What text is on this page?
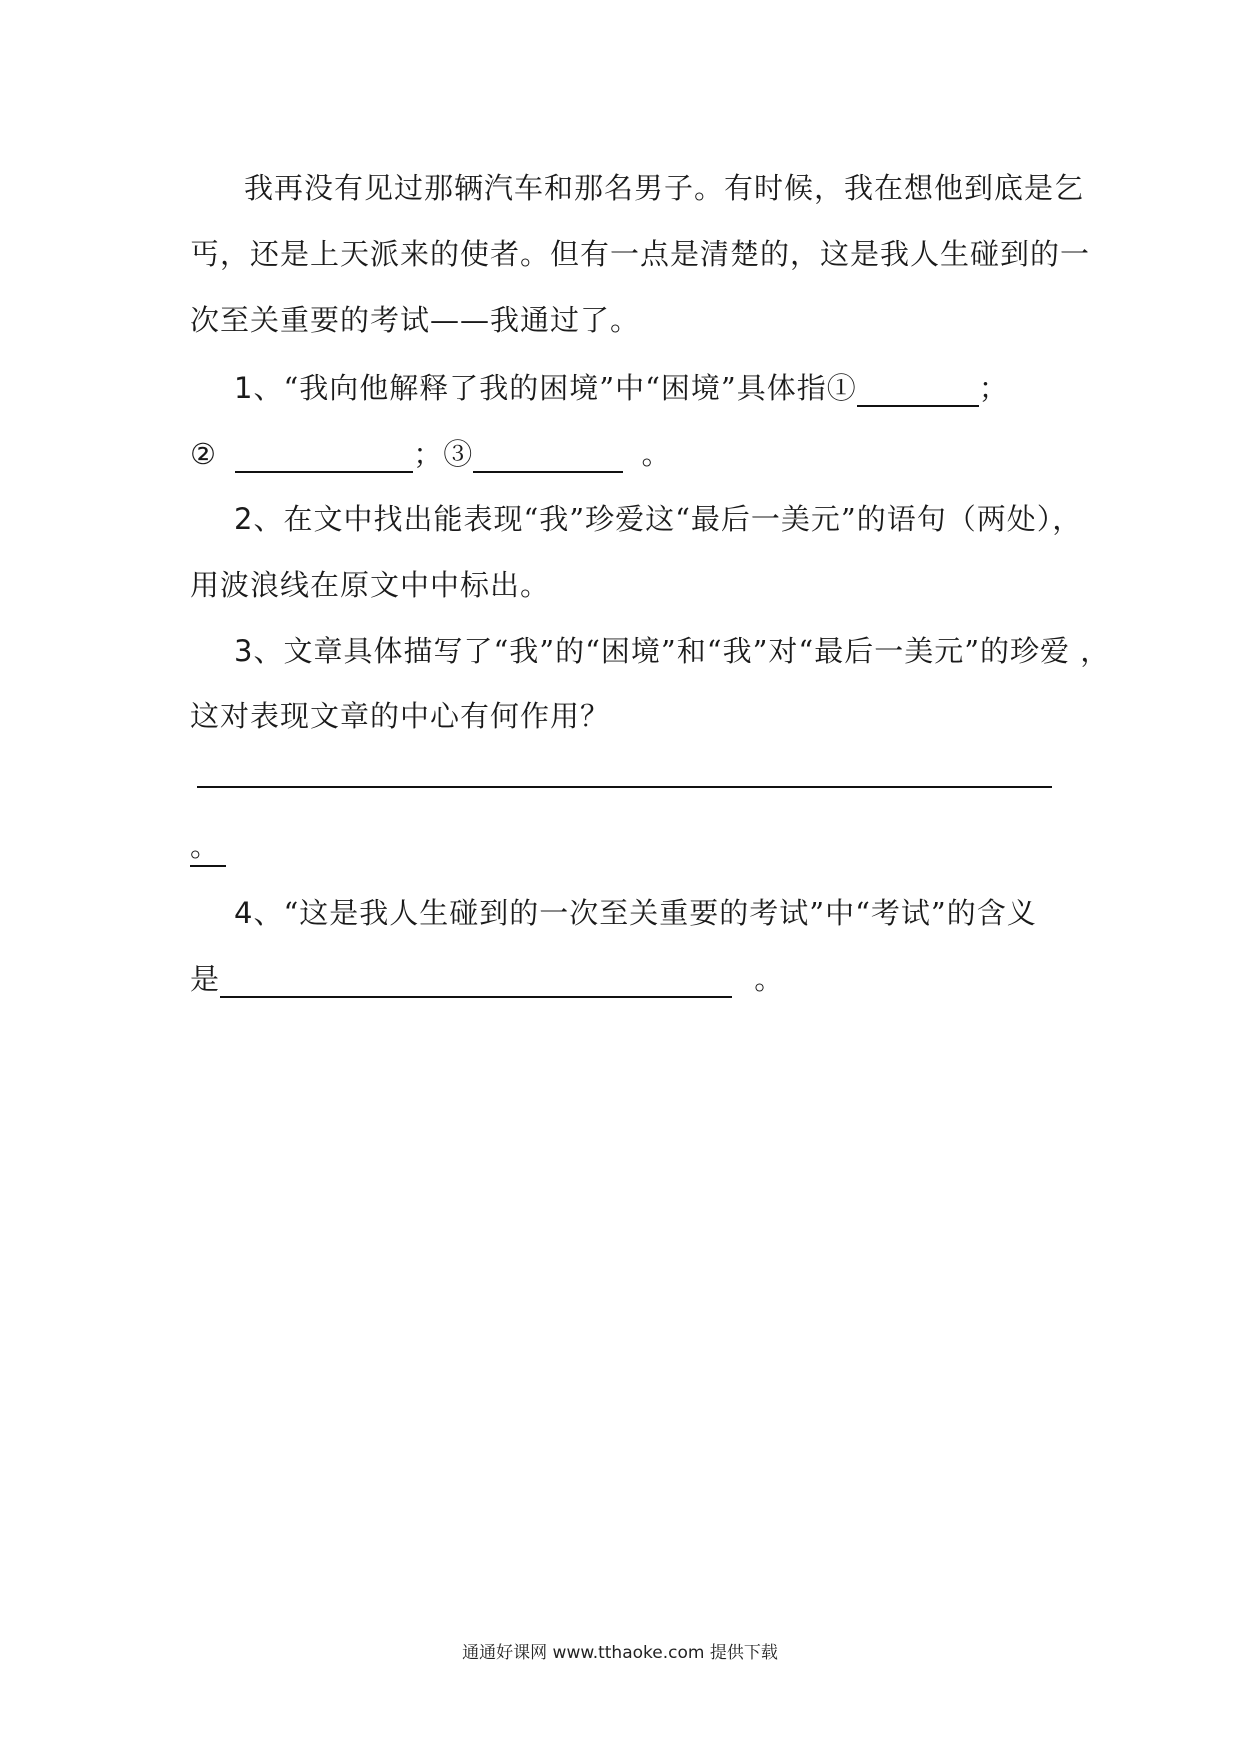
我再没有见过那辆汽车和那名男子。有时候，我在想他到底是乞
丐，还是上天派来的使者。但有一点是清楚的，这是我人生碰到的一
次至关重要的考试——我通过了。
1、“我向他解释了我的困境”中“困境”具体指①	；
②	；③	。
2、在文中找出能表现“我”珍爱这“最后一美元”的语句（两处），
用波浪线在原文中中标出。
3、文章具体描写了“我”的“困境”和“我”对“最后一美元”的珍爱 ，
这对表现文章的中心有何作用？
。
4、“这是我人生碰到的一次至关重要的考试”中“考试”的含义
是	。
通通好课网 www.tthaoke.com 提供下载
